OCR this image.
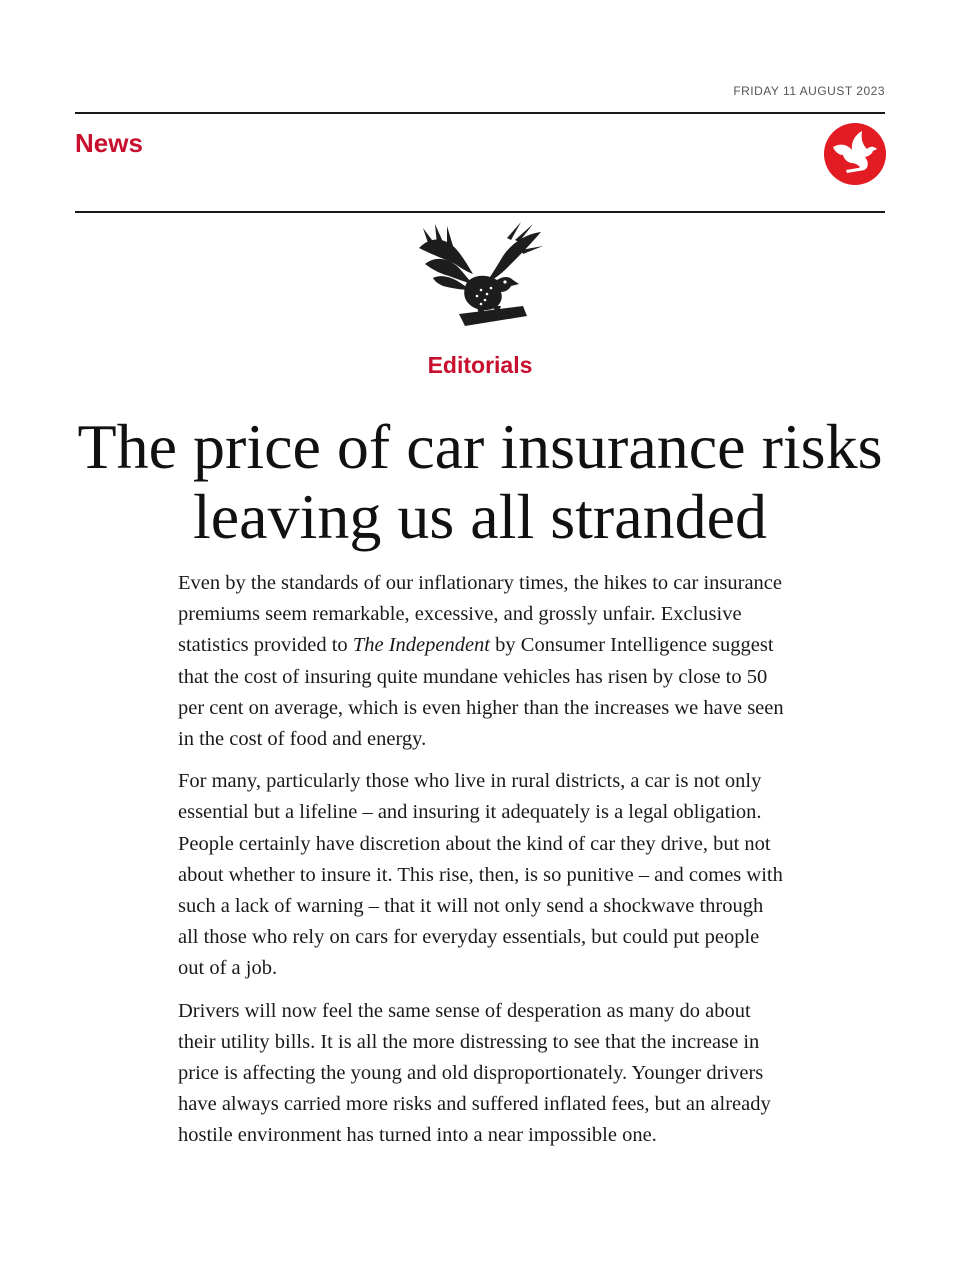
FRIDAY 11 AUGUST 2023
News
Editorials
The price of car insurance risks leaving us all stranded

Even by the standards of our inflationary times, the hikes to car insurance premiums seem remarkable, excessive, and grossly unfair. Exclusive statistics provided to The Independent by Consumer Intelligence suggest that the cost of insuring quite mundane vehicles has risen by close to 50 per cent on average, which is even higher than the increases we have seen in the cost of food and energy.

For many, particularly those who live in rural districts, a car is not only essential but a lifeline – and insuring it adequately is a legal obligation. People certainly have discretion about the kind of car they drive, but not about whether to insure it. This rise, then, is so punitive – and comes with such a lack of warning – that it will not only send a shockwave through all those who rely on cars for everyday essentials, but could put people out of a job.

Drivers will now feel the same sense of desperation as many do about their utility bills. It is all the more distressing to see that the increase in price is affecting the young and old disproportionately. Younger drivers have always carried more risks and suffered inflated fees, but an already hostile environment has turned into a near impossible one.
